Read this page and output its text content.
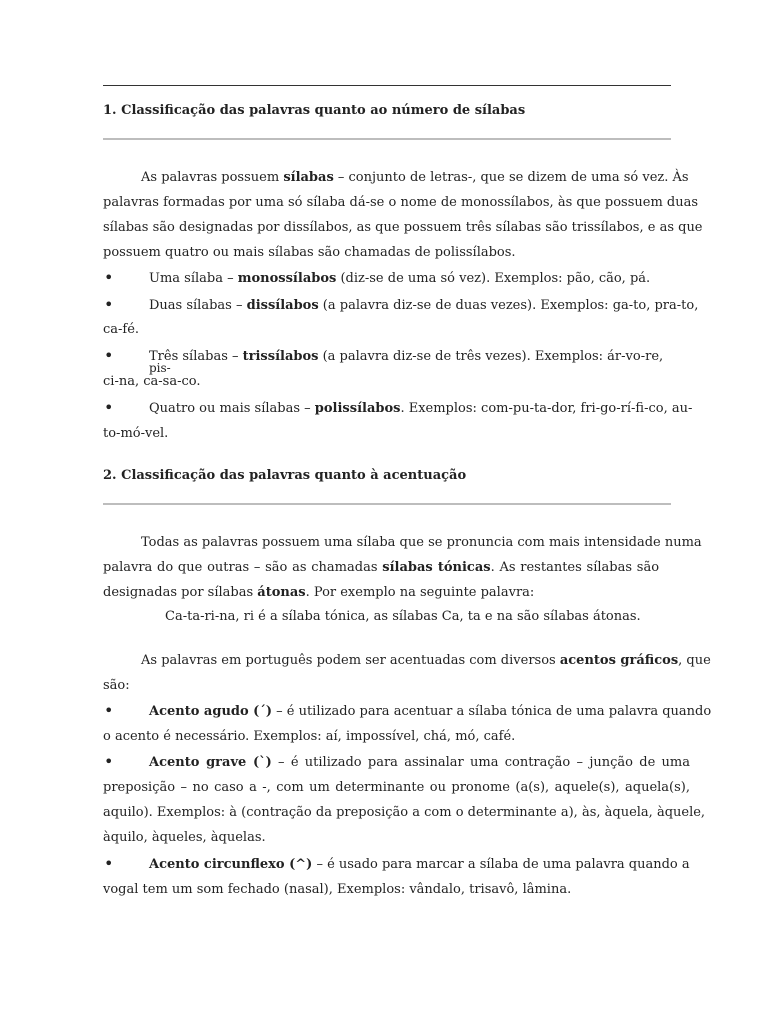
1. Classificação das palavras quanto ao número de sílabas
As palavras possuem sílabas – conjunto de letras-, que se dizem de uma só vez. Às
palavras formadas por uma só sílaba dá-se o nome de monossílabos, às que possuem duas
sílabas são designadas por dissílabos, as que possuem três sílabas são trissílabos, e as que
possuem quatro ou mais sílabas são chamadas de polissílabos.
•	Uma sílaba – monossílabos (diz-se de uma só vez). Exemplos: pão, cão, pá.
•	Duas sílabas – dissílabos (a palavra diz-se de duas vezes). Exemplos: ga-to, pra-to,
ca-fé.
•	Três sílabas – trissílabos (a palavra diz-se de três vezes). Exemplos: ár-vo-re,
pis-
ci-na, ca-sa-co.
•	Quatro ou mais sílabas – polissílabos. Exemplos: com-pu-ta-dor, fri-go-rí-fi-co, au-
to-mó-vel.
2. Classificação das palavras quanto à acentuação
Todas as palavras possuem uma sílaba que se pronuncia com mais intensidade numa
palavra do que outras – são as chamadas sílabas tónicas. As restantes sílabas são
designadas por sílabas átonas. Por exemplo na seguinte palavra:
Ca-ta-ri-na, ri é a sílaba tónica, as sílabas Ca, ta e na são sílabas átonas.
As palavras em português podem ser acentuadas com diversos acentos gráficos, que
são:
•	Acento agudo (´) – é utilizado para acentuar a sílaba tónica de uma palavra quando
o acento é necessário. Exemplos: aí, impossível, chá, mó, café.
•	Acento grave (`) – é utilizado para assinalar uma contração – junção de uma
preposição – no caso a -, com um determinante ou pronome (a(s), aquele(s), aquela(s),
aquilo). Exemplos: à (contração da preposição a com o determinante a), às, àquela, àquele,
àquilo, àqueles, àquelas.
•	Acento circunflexo (^) – é usado para marcar a sílaba de uma palavra quando a
vogal tem um som fechado (nasal), Exemplos: vândalo, trisavô, lâmina.
